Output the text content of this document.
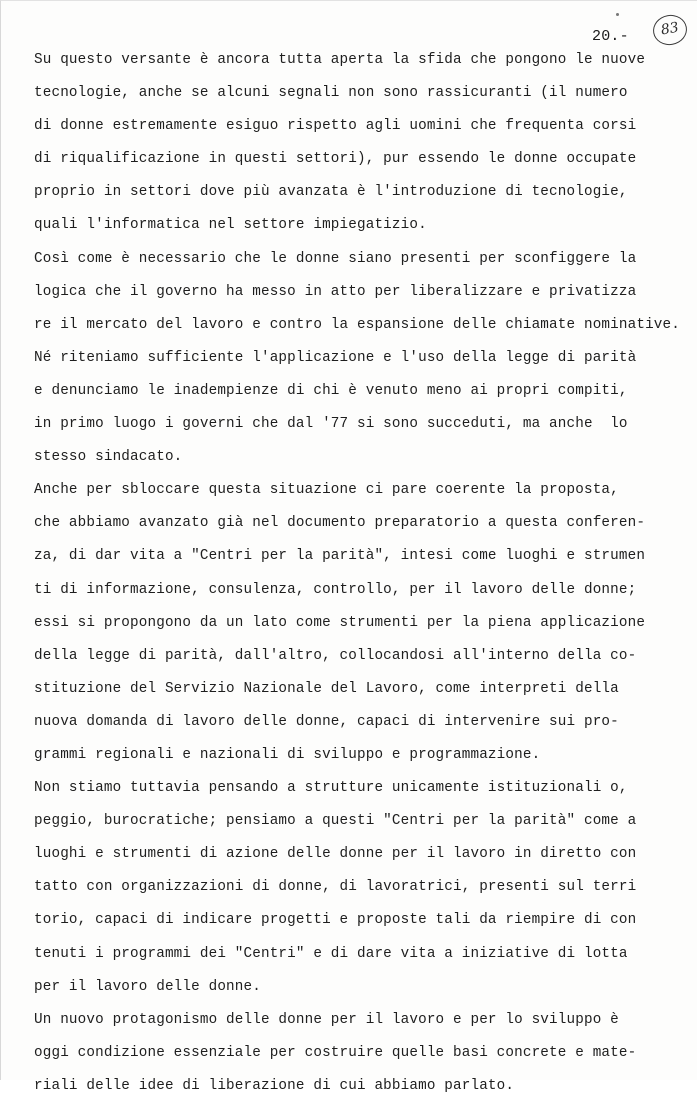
20.-	83
Su questo versante è ancora tutta aperta la sfida che pongono le nuove
tecnologie, anche se alcuni segnali non sono rassicuranti (il numero
di donne estremamente esiguo rispetto agli uomini che frequenta corsi
di riqualificazione in questi settori), pur essendo le donne occupate
proprio in settori dove più avanzata è l'introduzione di tecnologie,
quali l'informatica nel settore impiegatizio.
Così come è necessario che le donne siano presenti per sconfiggere la
logica che il governo ha messo in atto per liberalizzare e privatizza
re il mercato del lavoro e contro la espansione delle chiamate nominative.
Né riteniamo sufficiente l'applicazione e l'uso della legge di parità
e denunciamo le inadempienze di chi è venuto meno ai propri compiti,
in primo luogo i governi che dal '77 si sono succeduti, ma anche  lo
stesso sindacato.
Anche per sbloccare questa situazione ci pare coerente la proposta,
che abbiamo avanzato già nel documento preparatorio a questa conferen-
za, di dar vita a "Centri per la parità", intesi come luoghi e strumen
ti di informazione, consulenza, controllo, per il lavoro delle donne;
essi si propongono da un lato come strumenti per la piena applicazione
della legge di parità, dall'altro, collocandosi all'interno della co-
stituzione del Servizio Nazionale del Lavoro, come interpreti della
nuova domanda di lavoro delle donne, capaci di intervenire sui pro-
grammi regionali e nazionali di sviluppo e programmazione.
Non stiamo tuttavia pensando a strutture unicamente istituzionali o,
peggio, burocratiche; pensiamo a questi "Centri per la parità" come a
luoghi e strumenti di azione delle donne per il lavoro in diretto con
tatto con organizzazioni di donne, di lavoratrici, presenti sul terri
torio, capaci di indicare progetti e proposte tali da riempire di con
tenuti i programmi dei "Centri" e di dare vita a iniziative di lotta
per il lavoro delle donne.
Un nuovo protagonismo delle donne per il lavoro e per lo sviluppo è
oggi condizione essenziale per costruire quelle basi concrete e mate-
riali delle idee di liberazione di cui abbiamo parlato.
